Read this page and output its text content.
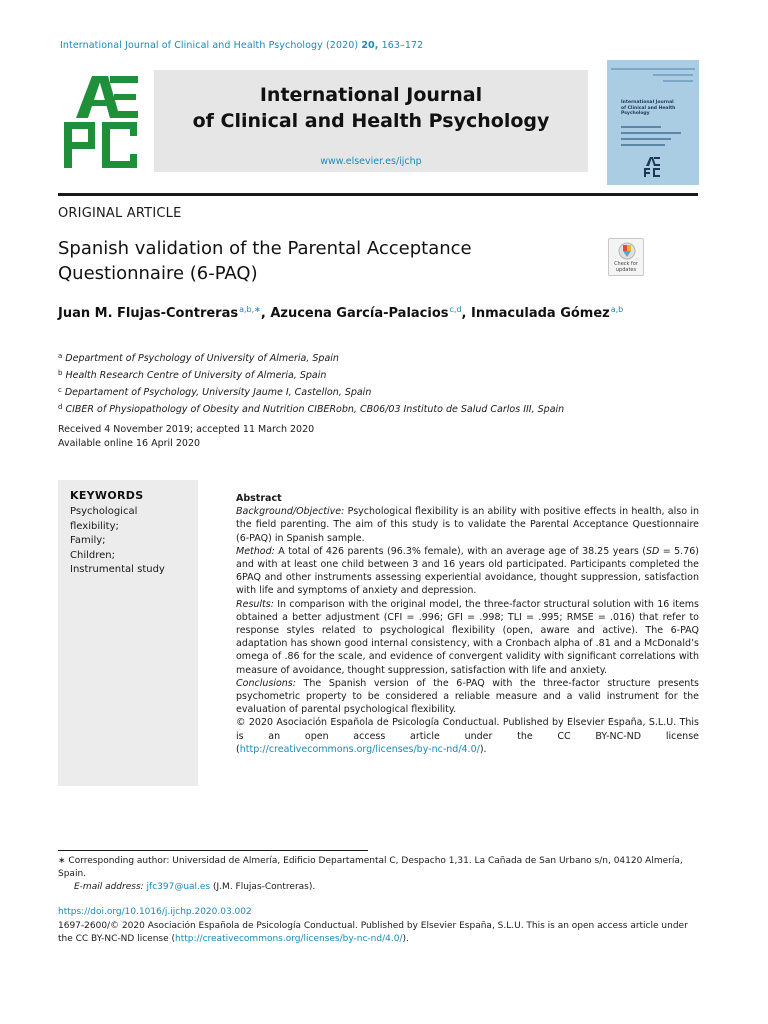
International Journal of Clinical and Health Psychology (2020) 20, 163–172
International Journal
of Clinical and Health Psychology
www.elsevier.es/ijchp
International Journal
of Clinical and Health Psychology
ORIGINAL ARTICLE
Spanish validation of the Parental Acceptance
Questionnaire (6-PAQ)	Check for
updates
Juan M. Flujas-Contreras$^{a,b,∗}$, Azucena García-Palacios$^{c,d}$, Inmaculada Gómez$^{a,b}$
$^a$ Department of Psychology of University of Almeria, Spain
$^b$ Health Research Centre of University of Almeria, Spain
$^c$ Departament of Psychology, University Jaume I, Castellon, Spain
$^d$ CIBER of Physiopathology of Obesity and Nutrition CIBERobn, CB06/03 Instituto de Salud Carlos III, Spain
Received 4 November 2019; accepted 11 March 2020
Available online 16 April 2020
KEYWORDS
Psychological
flexibility;
Family;
Children;
Instrumental study
Abstract
Background/Objective: Psychological flexibility is an ability with positive effects in health, also in the field parenting. The aim of this study is to validate the Parental Acceptance Questionnaire (6-PAQ) in Spanish sample.
Method: A total of 426 parents (96.3% female), with an average age of 38.25 years (SD = 5.76) and with at least one child between 3 and 16 years old participated. Participants completed the 6PAQ and other instruments assessing experiential avoidance, thought suppression, satisfaction with life and symptoms of anxiety and depression.
Results: In comparison with the original model, the three-factor structural solution with 16 items obtained a better adjustment (CFI = .996; GFI = .998; TLI = .995; RMSE = .016) that refer to response styles related to psychological flexibility (open, aware and active). The 6-PAQ adaptation has shown good internal consistency, with a Cronbach alpha of .81 and a McDonald’s omega of .86 for the scale, and evidence of convergent validity with significant correlations with measure of avoidance, thought suppression, satisfaction with life and anxiety.
Conclusions: The Spanish version of the 6-PAQ with the three-factor structure presents psychometric property to be considered a reliable measure and a valid instrument for the evaluation of parental psychological flexibility.
© 2020 Asociación Española de Psicología Conductual. Published by Elsevier España, S.L.U. This is an open access article under the CC BY-NC-ND license (http://creativecommons.org/licenses/by-nc-nd/4.0/).
∗ Corresponding author: Universidad de Almería, Edificio Departamental C, Despacho 1,31. La Cañada de San Urbano s/n, 04120 Almería, Spain.
E-mail address: jfc397@ual.es (J.M. Flujas-Contreras).
https://doi.org/10.1016/j.ijchp.2020.03.002
1697-2600/© 2020 Asociación Española de Psicología Conductual. Published by Elsevier España, S.L.U. This is an open access article under the CC BY-NC-ND license (http://creativecommons.org/licenses/by-nc-nd/4.0/).
